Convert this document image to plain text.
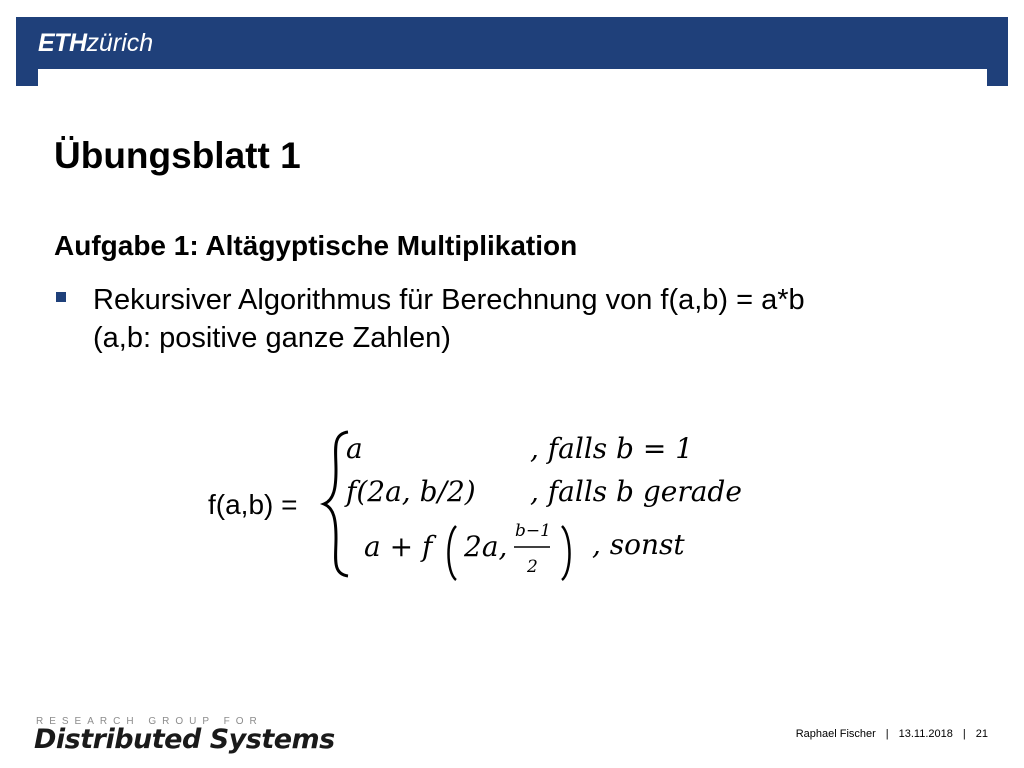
ETHzürich
Übungsblatt 1
Aufgabe 1: Altägyptische Multiplikation

Rekursiver Algorithmus für Berechnung von f(a,b) = a*b
(a,b: positive ganze Zahlen)

f(a,b) =
a	, falls b = 1
f(2a, b/2) , falls b gerade
a + f 2a, b−1
2
, sonst
RESEARCH GROUP FOR
Distributed Systems	Raphael Fischer | 13.11.2018 | 21
